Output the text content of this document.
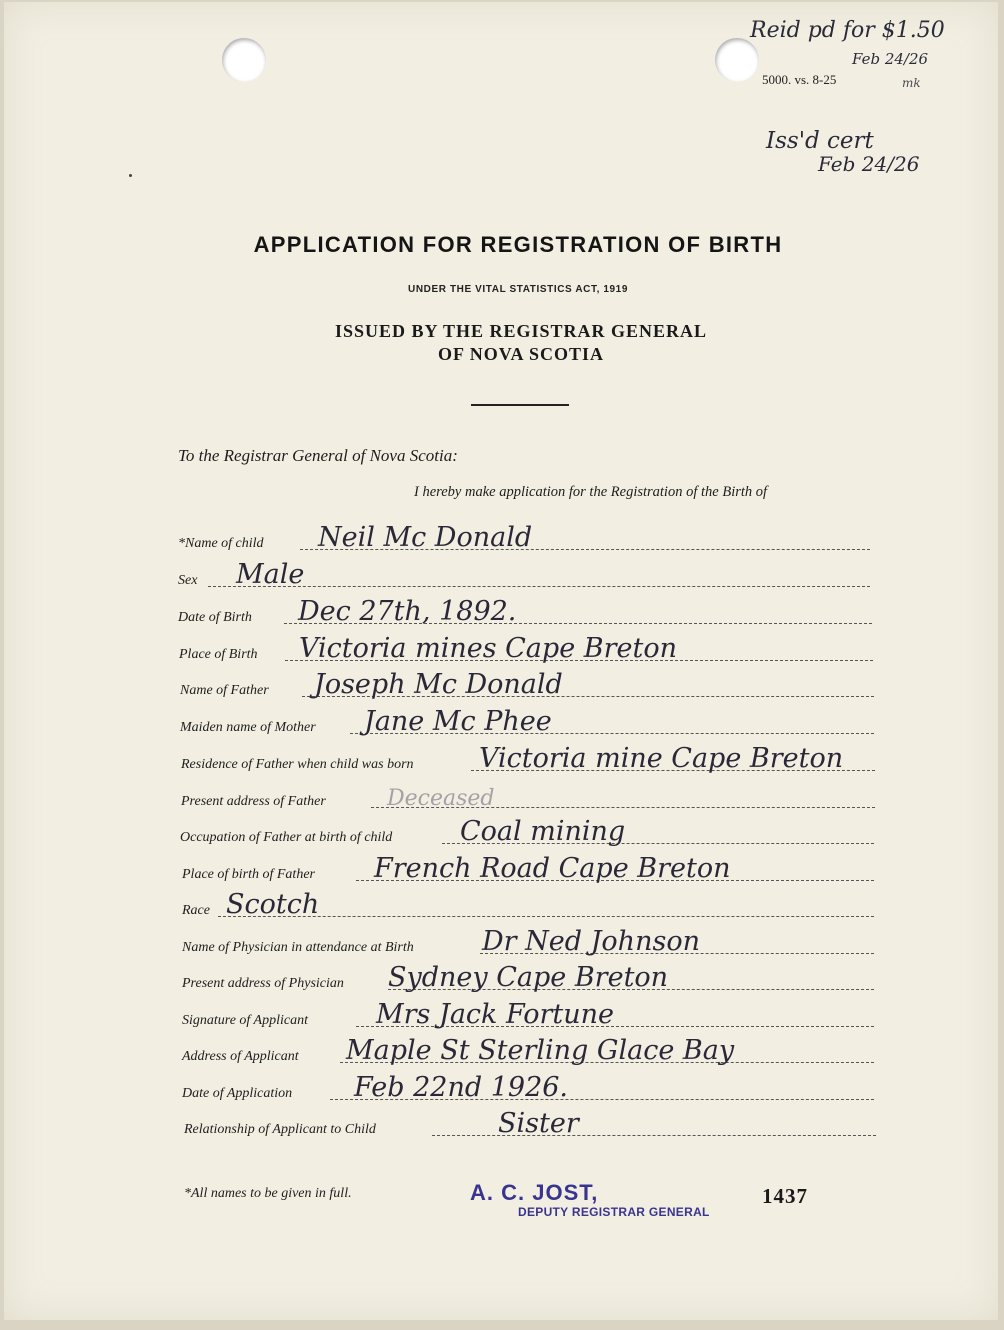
Reid pd for $1.50
Feb 24/26
mk
Iss'd cert
Feb 24/26
5000. vs. 8-25
APPLICATION FOR REGISTRATION OF BIRTH
UNDER THE VITAL STATISTICS ACT, 1919
ISSUED BY THE REGISTRAR GENERAL
OF NOVA SCOTIA
To the Registrar General of Nova Scotia:
I hereby make application for the Registration of the Birth of
*Name of child Neil Mc Donald
Sex Male
Date of Birth Dec 27th, 1892.
Place of Birth Victoria mines Cape Breton
Name of Father Joseph Mc Donald
Maiden name of Mother Jane Mc Phee
Residence of Father when child was born Victoria mine Cape Breton
Present address of Father	Deceased
Occupation of Father at birth of child	Coal mining
Place of birth of Father French Road Cape Breton
Race Scotch
Name of Physician in attendance at Birth	Dr Ned Johnson
Present address of Physician Sydney Cape Breton
Signature of Applicant	Mrs Jack Fortune
Address of Applicant Maple St Sterling Glace Bay
Date of Application Feb 22nd 1926.
Relationship of Applicant to Child	Sister
*All names to be given in full.	A. C. JOST,
DEPUTY REGISTRAR GENERAL
1437
